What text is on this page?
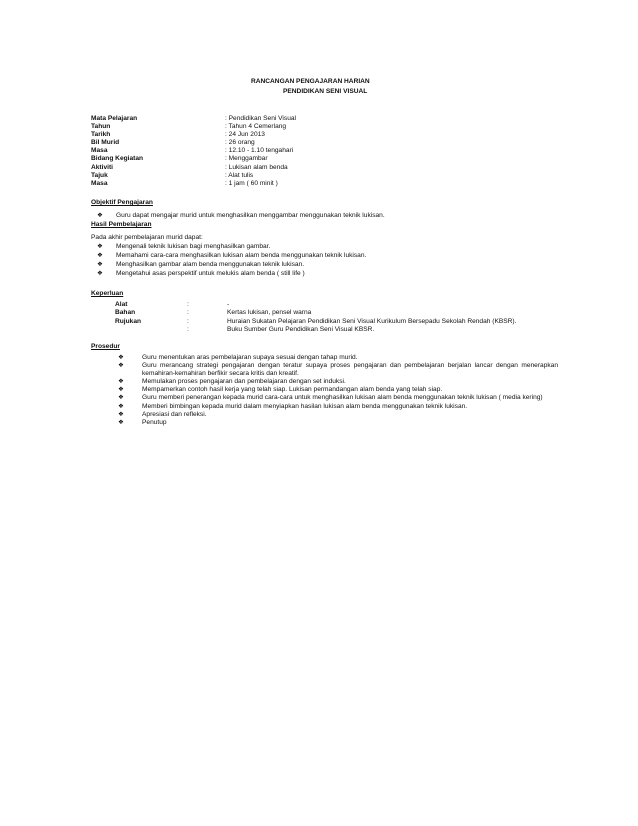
RANCANGAN PENGAJARAN HARIAN
PENDIDIKAN SENI VISUAL
Mata Pelajaran	: Pendidikan Seni Visual
Tahun	: Tahun 4 Cemerlang
Tarikh	: 24 Jun 2013
Bil Murid	: 26 orang
Masa	: 12.10 - 1.10 tengahari
Bidang Kegiatan	: Menggambar
Aktiviti	: Lukisan alam benda
Tajuk	: Alat tulis
Masa	: 1 jam ( 60 minit )
Objektif Pengajaran
❖ Guru dapat mengajar murid untuk menghasilkan menggambar menggunakan teknik lukisan.
Hasil Pembelajaran
Pada akhir pembelajaran murid dapat:
❖ Mengenali teknik lukisan bagi menghasilkan gambar.
❖ Memahami cara-cara menghasilkan lukisan alam benda menggunakan teknik lukisan.
❖ Menghasilkan gambar alam benda menggunakan teknik lukisan.
❖ Mengetahui asas perspektif untuk melukis alam benda ( still life )
Keperluan
Alat	:	-
Bahan	:	Kertas lukisan, pensel warna
Rujukan	:	Huraian Sukatan Pelajaran Pendidikan Seni Visual Kurikulum Bersepadu Sekolah Rendah (KBSR).
:	Buku Sumber Guru Pendidikan Seni Visual KBSR.
Prosedur
❖	Guru menentukan aras pembelajaran supaya sesuai dengan tahap murid.
❖	Guru merancang strategi pengajaran dengan teratur supaya proses pengajaran dan pembelajaran berjalan lancar dengan menerapkan kemahiran-kemahiran berfikir secara kritis dan kreatif.
❖	Memulakan proses pengajaran dan pembelajaran dengan set induksi.
❖	Mempamerkan contoh hasil kerja yang telah siap. Lukisan permandangan alam benda yang telah siap.
❖	Guru memberi penerangan kepada murid cara-cara untuk menghasilkan lukisan alam benda menggunakan teknik lukisan ( media kering)
❖	Memberi bimbingan kepada murid dalam menyiapkan hasilan lukisan alam benda menggunakan teknik lukisan.
❖	Apresiasi dan refleksi.
❖	Penutup
